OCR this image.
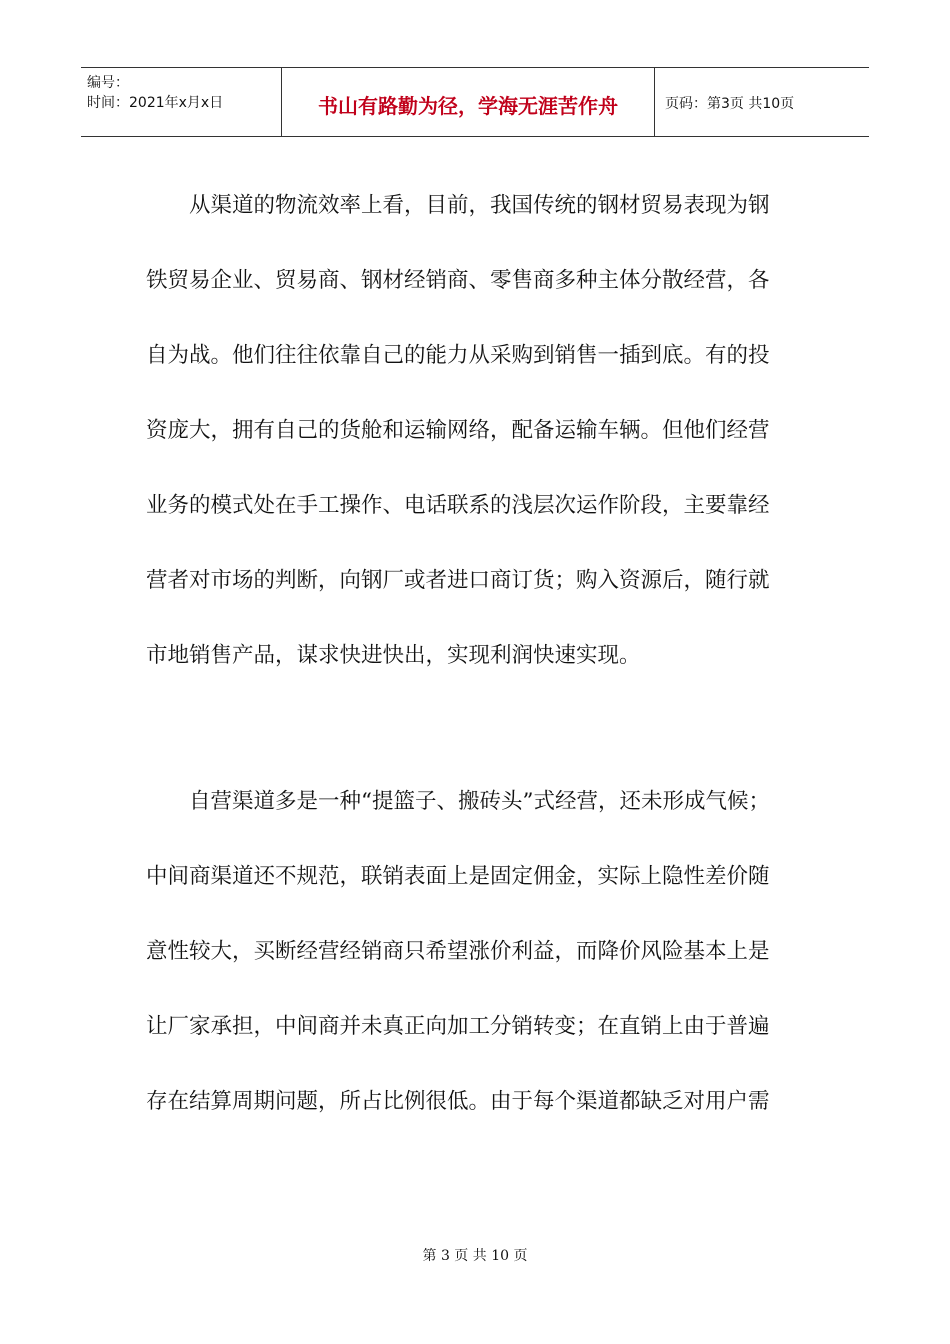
编号：
时间：2021年x月x日	书山有路勤为径，学海无涯苦作舟	页码：第3页 共10页

从渠道的物流效率上看，目前，我国传统的钢材贸易表现为钢

铁贸易企业、贸易商、钢材经销商、零售商多种主体分散经营，各

自为战。他们往往依靠自己的能力从采购到销售一插到底。有的投

资庞大，拥有自己的货舱和运输网络，配备运输车辆。但他们经营

业务的模式处在手工操作、电话联系的浅层次运作阶段，主要靠经

营者对市场的判断，向钢厂或者进口商订货；购入资源后，随行就

市地销售产品，谋求快进快出，实现利润快速实现。

自营渠道多是一种“提篮子、搬砖头”式经营，还未形成气候；

中间商渠道还不规范，联销表面上是固定佣金，实际上隐性差价随

意性较大，买断经营经销商只希望涨价利益，而降价风险基本上是

让厂家承担，中间商并未真正向加工分销转变；在直销上由于普遍

存在结算周期问题，所占比例很低。由于每个渠道都缺乏对用户需

第 3 页 共 10 页
